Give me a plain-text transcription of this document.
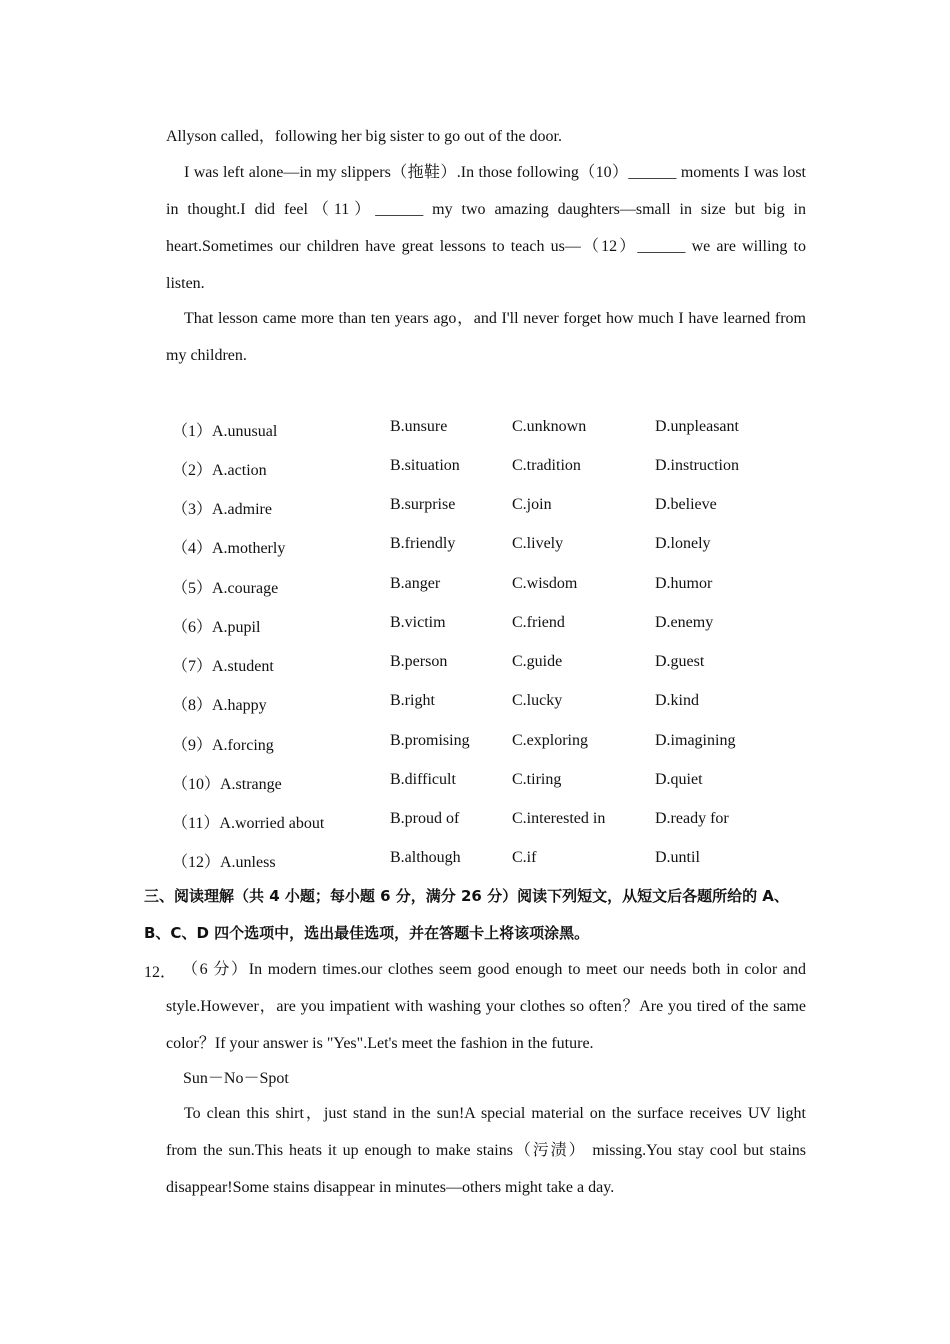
Allyson called，following her big sister to go out of the door.

I was left alone—in my slippers（拖鞋）.In those following（10）______ moments I was lost in thought.I did feel（11）______ my two amazing daughters—small in size but big in heart.Sometimes our children have great lessons to teach us—（12）______ we are willing to listen.

That lesson came more than ten years ago，and I'll never forget how much I have learned from my children.

（1）A.unusual	B.unsure	C.unknown	D.unpleasant
（2）A.action	B.situation	C.tradition	D.instruction
（3）A.admire	B.surprise	C.join	D.believe
（4）A.motherly	B.friendly	C.lively	D.lonely
（5）A.courage	B.anger	C.wisdom	D.humor
（6）A.pupil	B.victim	C.friend	D.enemy
（7）A.student	B.person	C.guide	D.guest
（8）A.happy	B.right	C.lucky	D.kind
（9）A.forcing	B.promising	C.exploring	D.imagining
（10）A.strange	B.difficult	C.tiring	D.quiet
（11）A.worried about	B.proud of	C.interested in	D.ready for
（12）A.unless	B.although	C.if	D.until

三、阅读理解（共 4 小题；每小题 6 分，满分 26 分）阅读下列短文，从短文后各题所给的 A、B、C、D 四个选项中，选出最佳选项，并在答题卡上将该项涂黑。

12． （6 分）In modern times.our clothes seem good enough to meet our needs both in color and style.However，are you impatient with washing your clothes so often？Are you tired of the same color？If your answer is "Yes".Let's meet the fashion in the future.

Sun－No－Spot

To clean this shirt，just stand in the sun!A special material on the surface receives UV light from the sun.This heats it up enough to make stains（污渍） missing.You stay cool but stains disappear!Some stains disappear in minutes—others might take a day.
